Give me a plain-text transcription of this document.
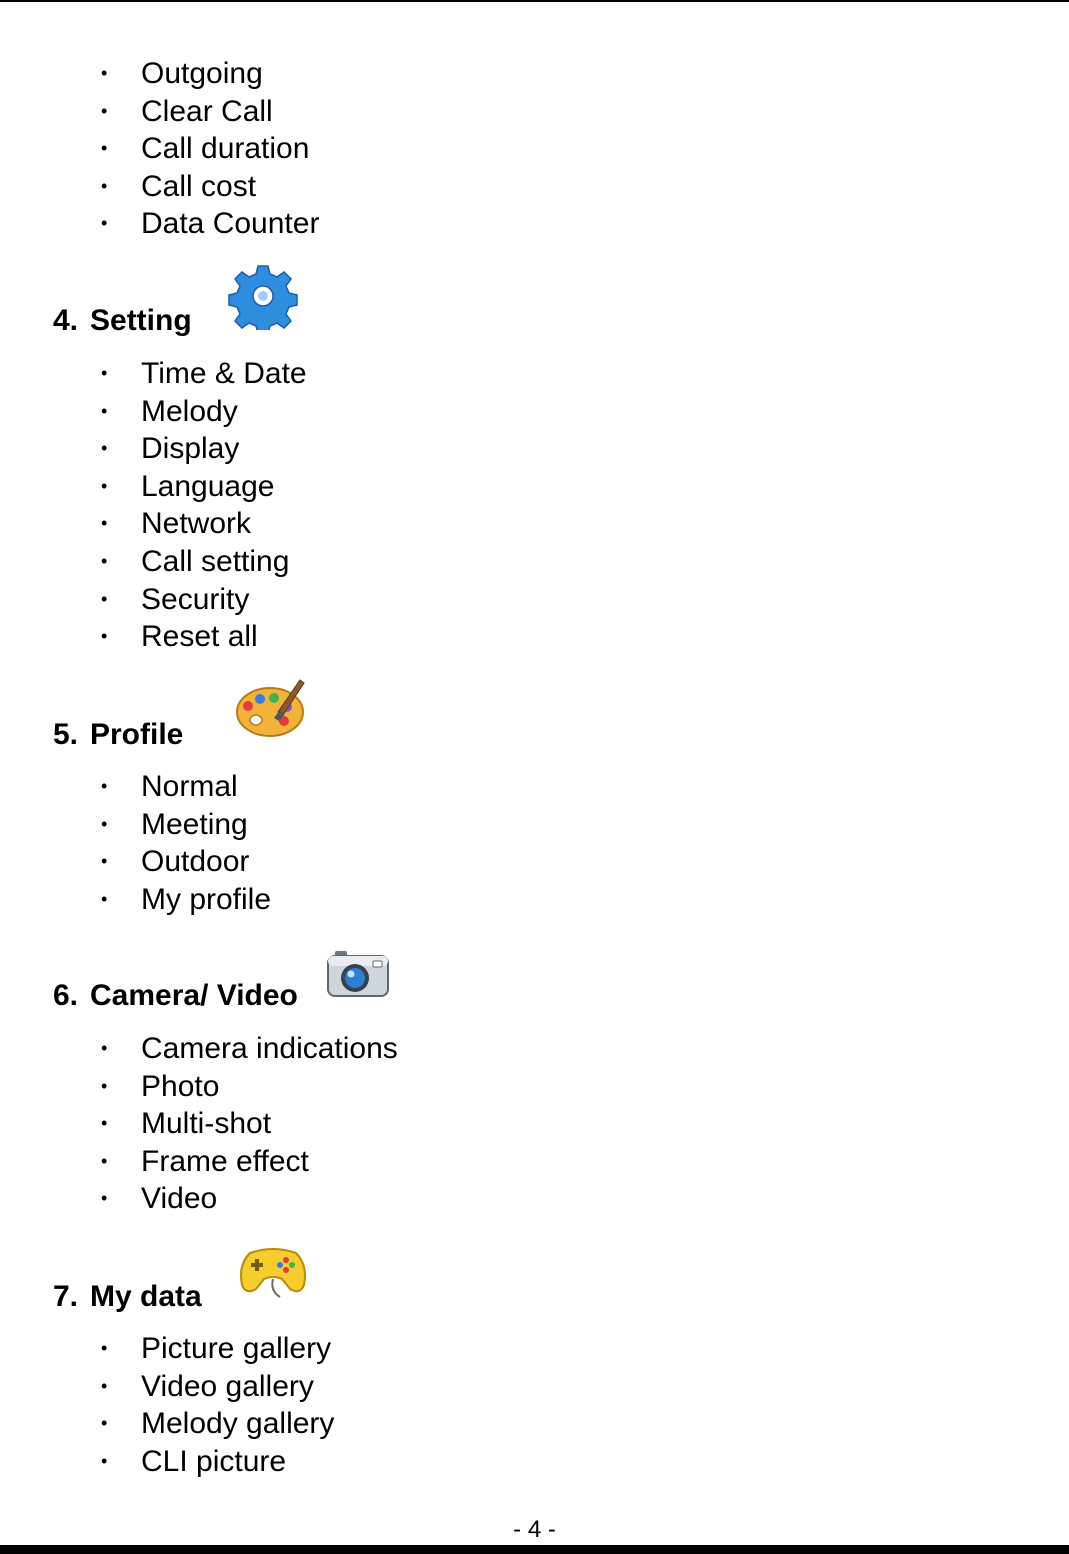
• Outgoing
• Clear Call
• Call duration
• Call cost
• Data Counter
4. Setting
• Time & Date
• Melody
• Display
• Language
• Network
• Call setting
• Security
• Reset all
5. Profile
• Normal
• Meeting
• Outdoor
• My profile
6. Camera/ Video
• Camera indications
• Photo
• Multi-shot
• Frame effect
• Video
7. My data
• Picture gallery
• Video gallery
• Melody gallery
• CLI picture
- 4 -
